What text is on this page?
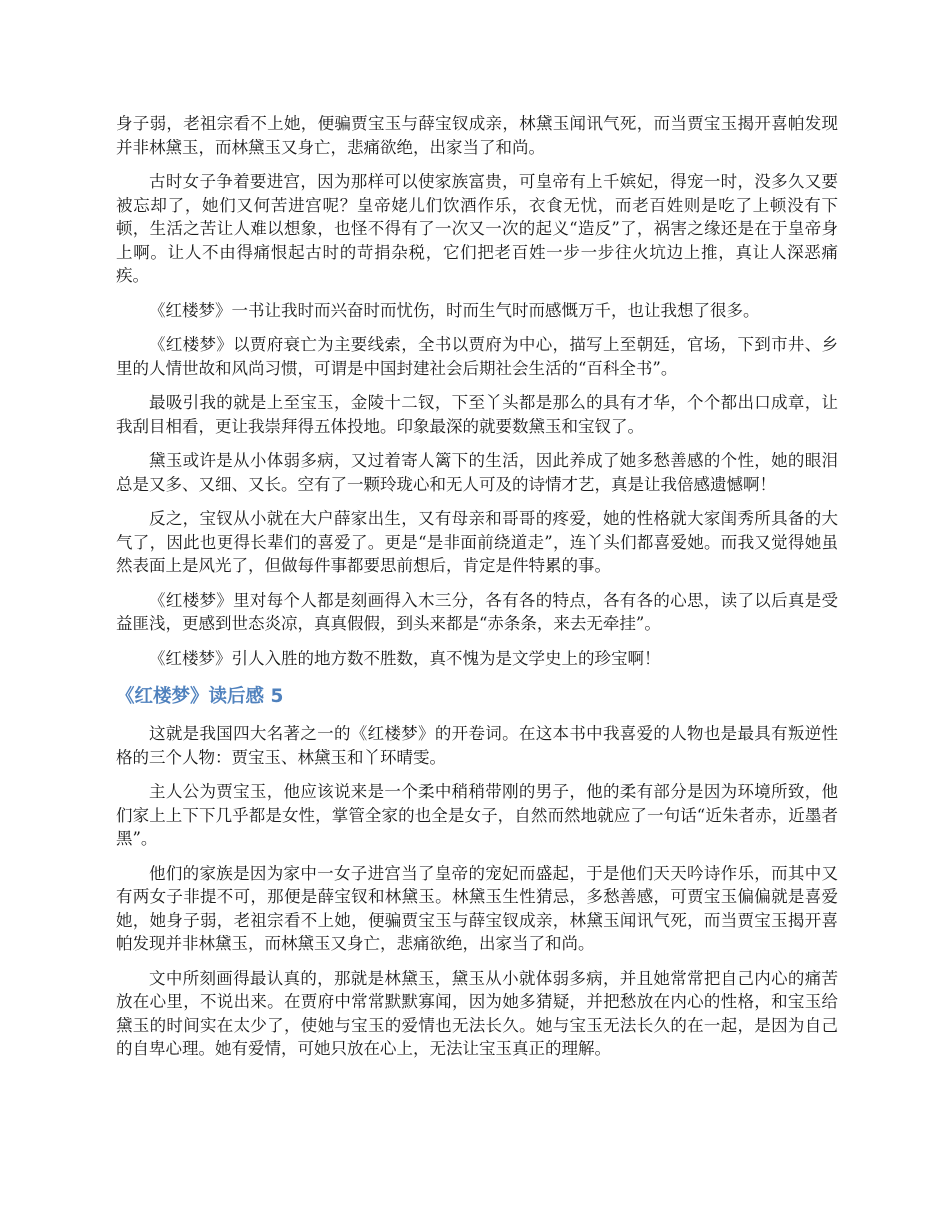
身子弱，老祖宗看不上她，便骗贾宝玉与薛宝钗成亲，林黛玉闻讯气死，而当贾宝玉揭开喜帕发现并非林黛玉，而林黛玉又身亡，悲痛欲绝，出家当了和尚。

古时女子争着要进宫，因为那样可以使家族富贵，可皇帝有上千嫔妃，得宠一时，没多久又要被忘却了，她们又何苦进宫呢？皇帝姥儿们饮酒作乐，衣食无忧，而老百姓则是吃了上顿没有下顿，生活之苦让人难以想象，也怪不得有了一次又一次的起义“造反”了，祸害之缘还是在于皇帝身上啊。让人不由得痛恨起古时的苛捐杂税，它们把老百姓一步一步往火坑边上推，真让人深恶痛疾。

《红楼梦》一书让我时而兴奋时而忧伤，时而生气时而感慨万千，也让我想了很多。

《红楼梦》以贾府衰亡为主要线索，全书以贾府为中心，描写上至朝廷，官场，下到市井、乡里的人情世故和风尚习惯，可谓是中国封建社会后期社会生活的“百科全书”。

最吸引我的就是上至宝玉，金陵十二钗，下至丫头都是那么的具有才华，个个都出口成章，让我刮目相看，更让我崇拜得五体投地。印象最深的就要数黛玉和宝钗了。

黛玉或许是从小体弱多病，又过着寄人篱下的生活，因此养成了她多愁善感的个性，她的眼泪总是又多、又细、又长。空有了一颗玲珑心和无人可及的诗情才艺，真是让我倍感遗憾啊！

反之，宝钗从小就在大户薛家出生，又有母亲和哥哥的疼爱，她的性格就大家闺秀所具备的大气了，因此也更得长辈们的喜爱了。更是“是非面前绕道走”，连丫头们都喜爱她。而我又觉得她虽然表面上是风光了，但做每件事都要思前想后，肯定是件特累的事。

《红楼梦》里对每个人都是刻画得入木三分，各有各的特点，各有各的心思，读了以后真是受益匪浅，更感到世态炎凉，真真假假，到头来都是“赤条条，来去无牵挂”。

《红楼梦》引人入胜的地方数不胜数，真不愧为是文学史上的珍宝啊！

《红楼梦》读后感 5

这就是我国四大名著之一的《红楼梦》的开卷词。在这本书中我喜爱的人物也是最具有叛逆性格的三个人物：贾宝玉、林黛玉和丫环晴雯。

主人公为贾宝玉，他应该说来是一个柔中稍稍带刚的男子，他的柔有部分是因为环境所致，他们家上上下下几乎都是女性，掌管全家的也全是女子，自然而然地就应了一句话“近朱者赤，近墨者黑”。

他们的家族是因为家中一女子进宫当了皇帝的宠妃而盛起，于是他们天天吟诗作乐，而其中又有两女子非提不可，那便是薛宝钗和林黛玉。林黛玉生性猜忌，多愁善感，可贾宝玉偏偏就是喜爱她，她身子弱，老祖宗看不上她，便骗贾宝玉与薛宝钗成亲，林黛玉闻讯气死，而当贾宝玉揭开喜帕发现并非林黛玉，而林黛玉又身亡，悲痛欲绝，出家当了和尚。

文中所刻画得最认真的，那就是林黛玉，黛玉从小就体弱多病，并且她常常把自己内心的痛苦放在心里，不说出来。在贾府中常常默默寡闻，因为她多猜疑，并把愁放在内心的性格，和宝玉给黛玉的时间实在太少了，使她与宝玉的爱情也无法长久。她与宝玉无法长久的在一起，是因为自己的自卑心理。她有爱情，可她只放在心上，无法让宝玉真正的理解。
